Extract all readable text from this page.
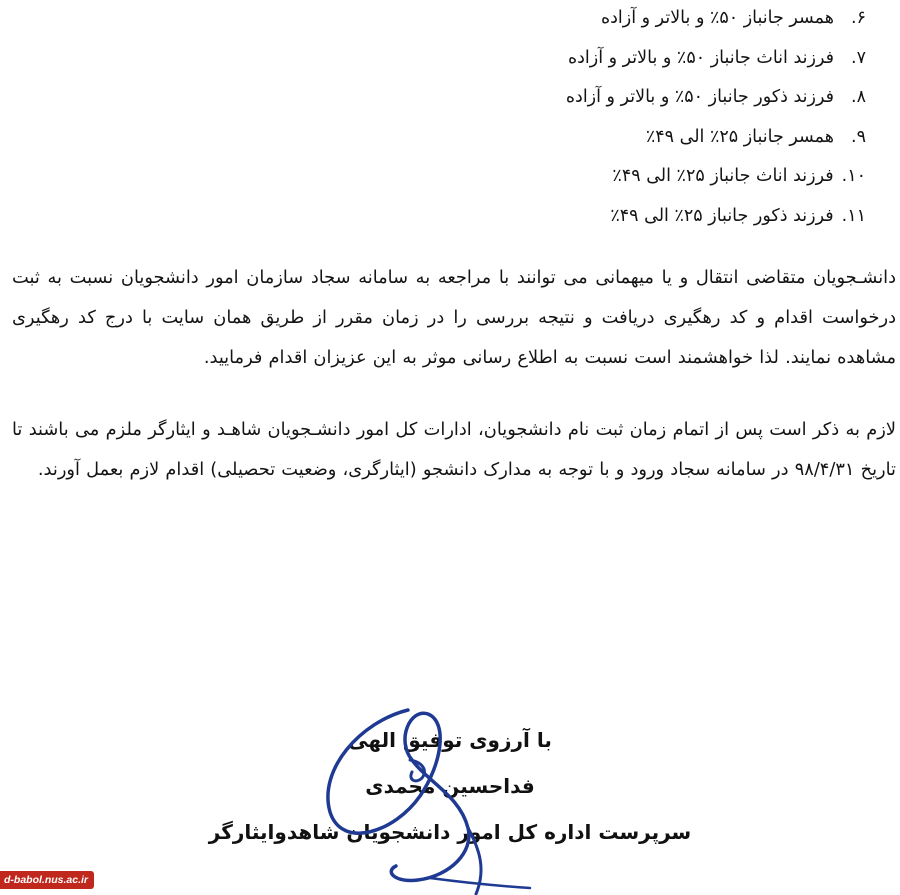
۶.همسر جانباز ۵۰٪ و بالاتر و آزاده
۷.فرزند اناث جانباز ۵۰٪ و بالاتر و آزاده
۸.فرزند ذکور جانباز ۵۰٪ و بالاتر و آزاده
۹.همسر جانباز ۲۵٪ الی ۴۹٪
۱۰.فرزند اناث جانباز ۲۵٪ الی ۴۹٪
۱۱.فرزند ذکور جانباز ۲۵٪ الی ۴۹٪

دانشـجویان متقاضی انتقال و یا میهمانی می توانند با مراجعه به سامانه سجاد سازمان امور دانشجویان نسبت به ثبت درخواست اقدام و کد رهگیری دریافت و نتیجه بررسی را در زمان مقرر از طریق همان سایت با درج کد رهگیری مشاهده نمایند. لذا خواهشمند است نسبت به اطلاع رسانی موثر به این عزیزان اقدام فرمایید.

لازم به ذکر است پس از اتمام زمان ثبت نام دانشجویان، ادارات کل امور دانشـجویان شاهـد و ایثارگر ملزم می باشند تا تاریخ ۹۸/۴/۳۱ در سامانه سجاد ورود و با توجه به مدارک دانشجو (ایثارگری، وضعیت تحصیلی) اقدام لازم بعمل آورند.

با آرزوی توفیق الهی
فداحسین محمدی
سرپرست اداره کل امور دانشجویان شاهدوایثارگر
d-babol.nus.ac.ir
